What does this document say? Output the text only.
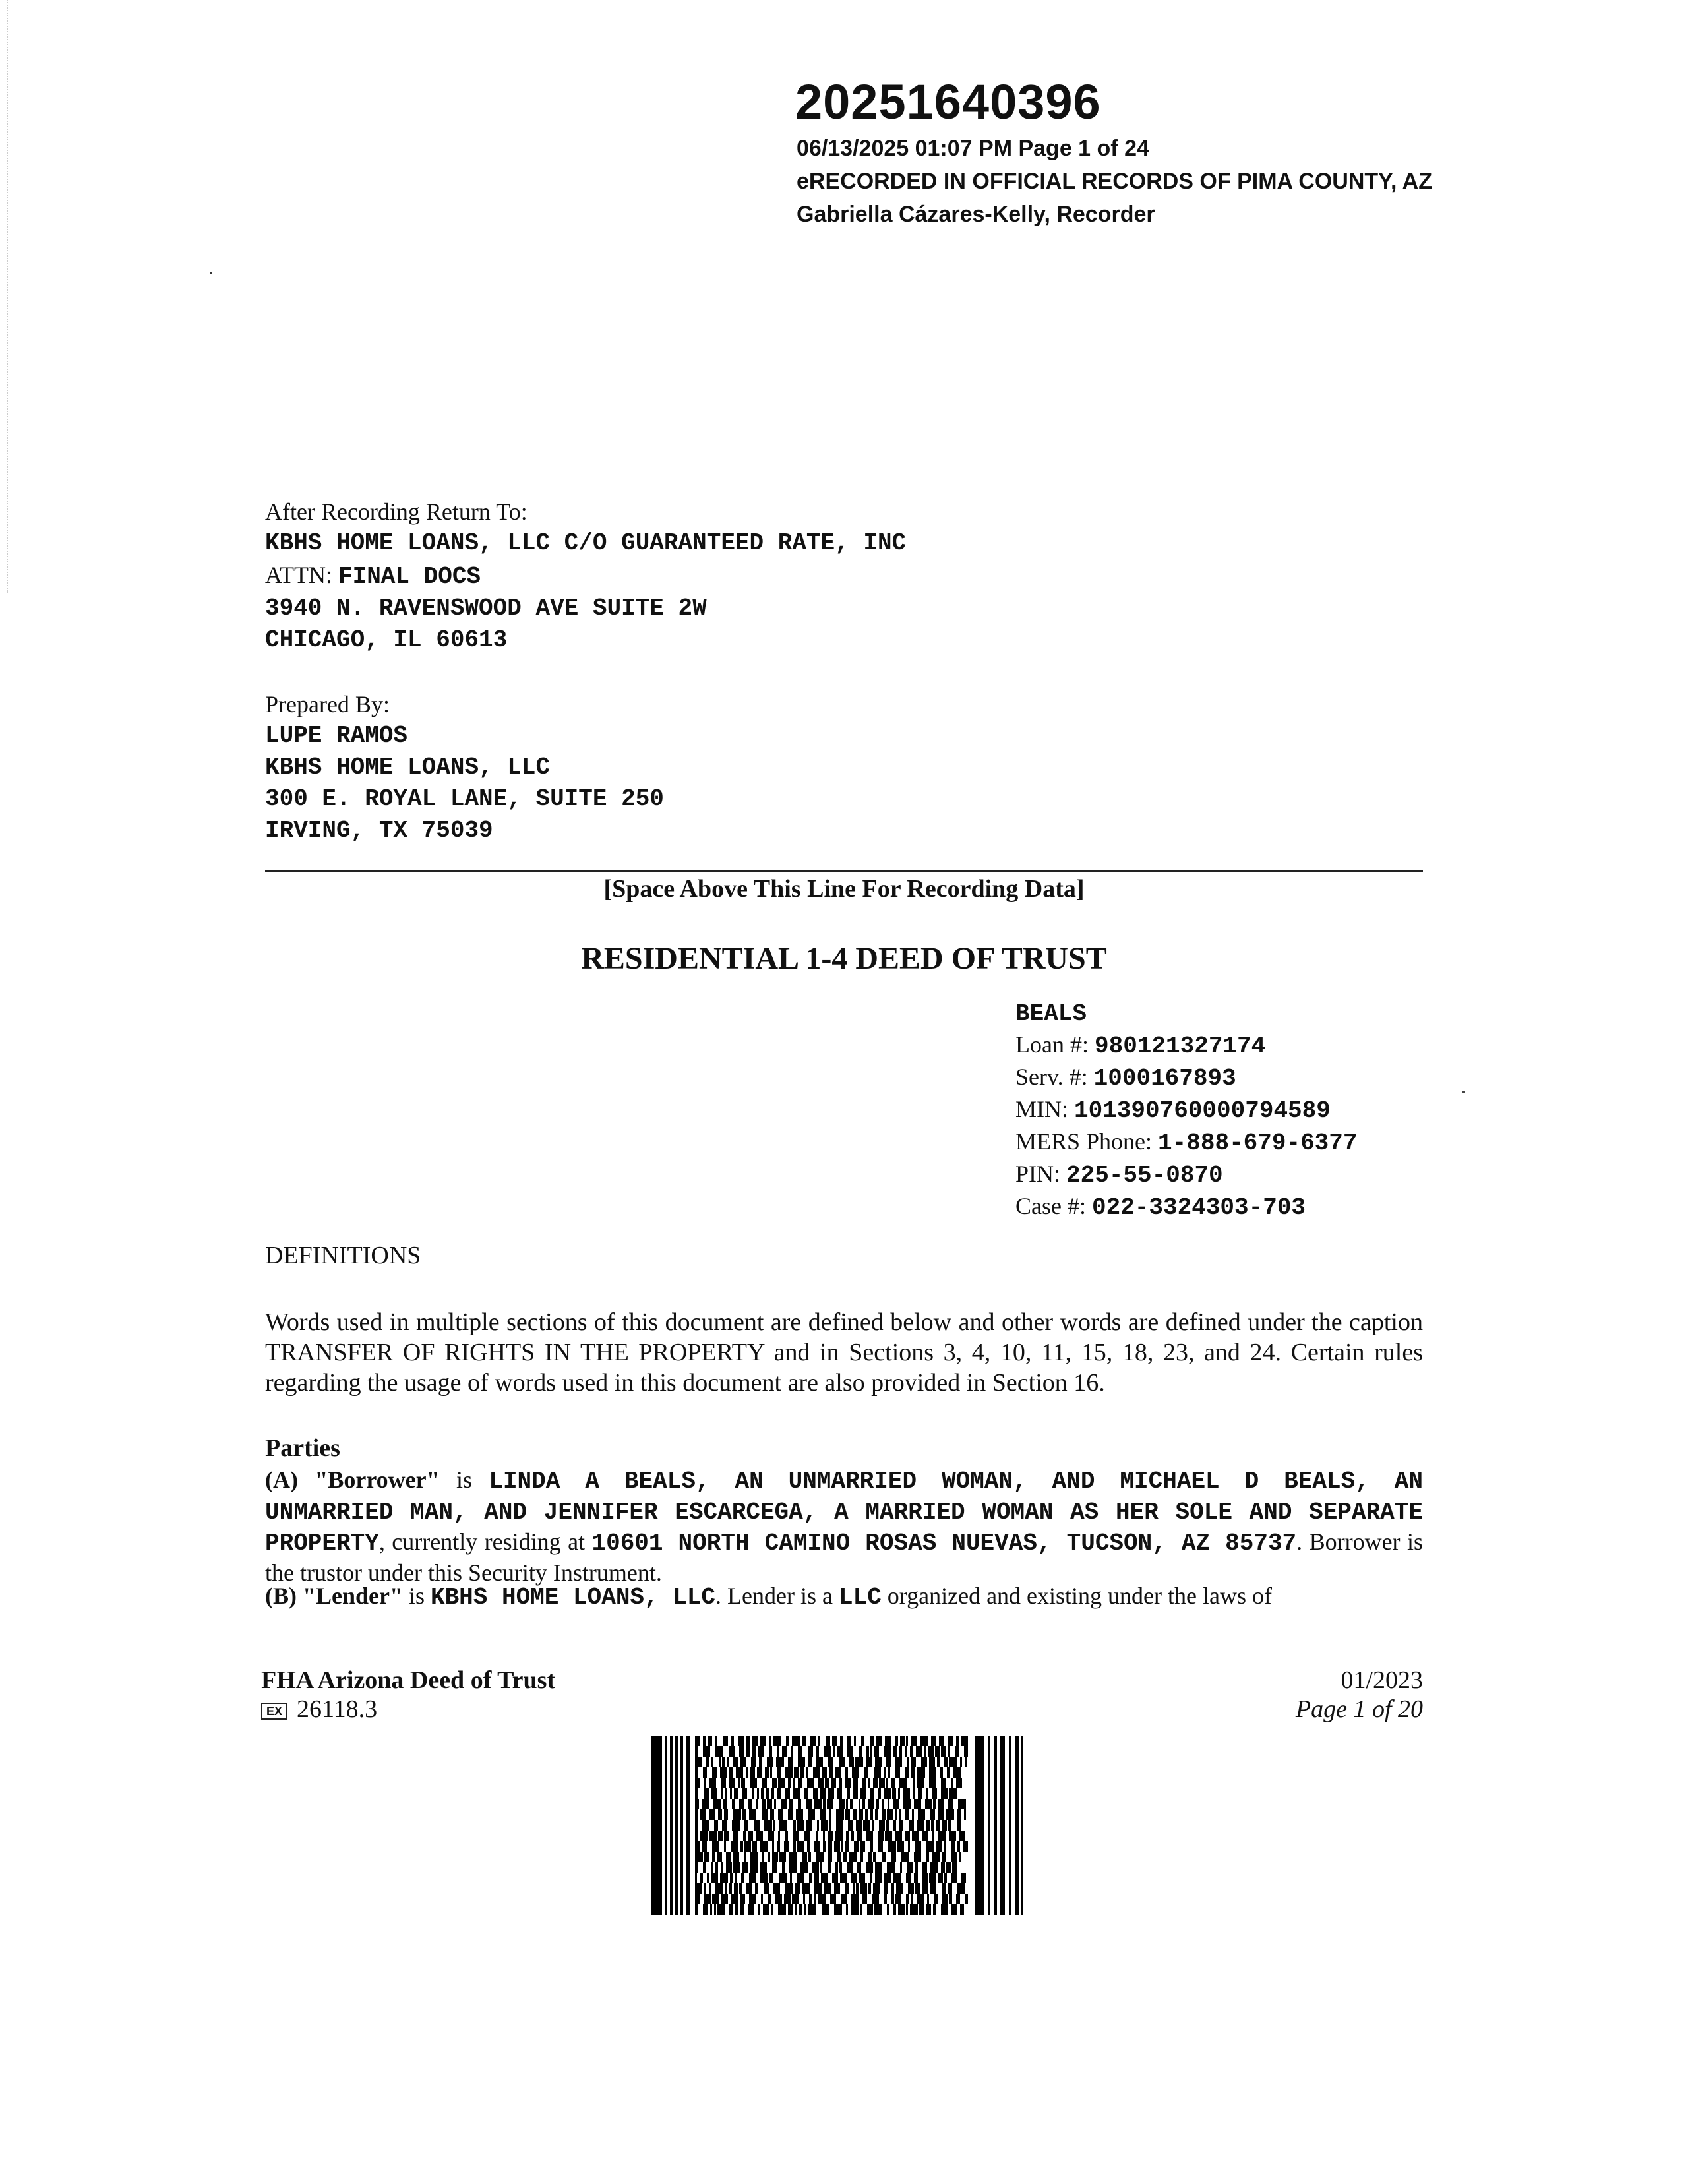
20251640396
06/13/2025 01:07 PM Page 1 of 24
eRECORDED IN OFFICIAL RECORDS OF PIMA COUNTY, AZ
Gabriella Cázares-Kelly, Recorder
After Recording Return To:
KBHS HOME LOANS, LLC C/O GUARANTEED RATE, INC
ATTN: FINAL DOCS
3940 N. RAVENSWOOD AVE SUITE 2W
CHICAGO, IL 60613
Prepared By:
LUPE RAMOS
KBHS HOME LOANS, LLC
300 E. ROYAL LANE, SUITE 250
IRVING, TX 75039
[Space Above This Line For Recording Data]
RESIDENTIAL 1-4 DEED OF TRUST
BEALS
Loan #: 980121327174
Serv. #: 1000167893
MIN: 101390760000794589
MERS Phone: 1-888-679-6377
PIN: 225-55-0870
Case #: 022-3324303-703
DEFINITIONS
Words used in multiple sections of this document are defined below and other words are defined under the caption TRANSFER OF RIGHTS IN THE PROPERTY and in Sections 3, 4, 10, 11, 15, 18, 23, and 24. Certain rules regarding the usage of words used in this document are also provided in Section 16.
Parties
(A) "Borrower" is LINDA A BEALS, AN UNMARRIED WOMAN, AND MICHAEL D BEALS, AN UNMARRIED MAN, AND JENNIFER ESCARCEGA, A MARRIED WOMAN AS HER SOLE AND SEPARATE PROPERTY, currently residing at 10601 NORTH CAMINO ROSAS NUEVAS, TUCSON, AZ 85737. Borrower is the trustor under this Security Instrument.
(B) "Lender" is KBHS HOME LOANS, LLC. Lender is a LLC organized and existing under the laws of
FHA Arizona Deed of Trust
EX 26118.3
01/2023
Page 1 of 20
